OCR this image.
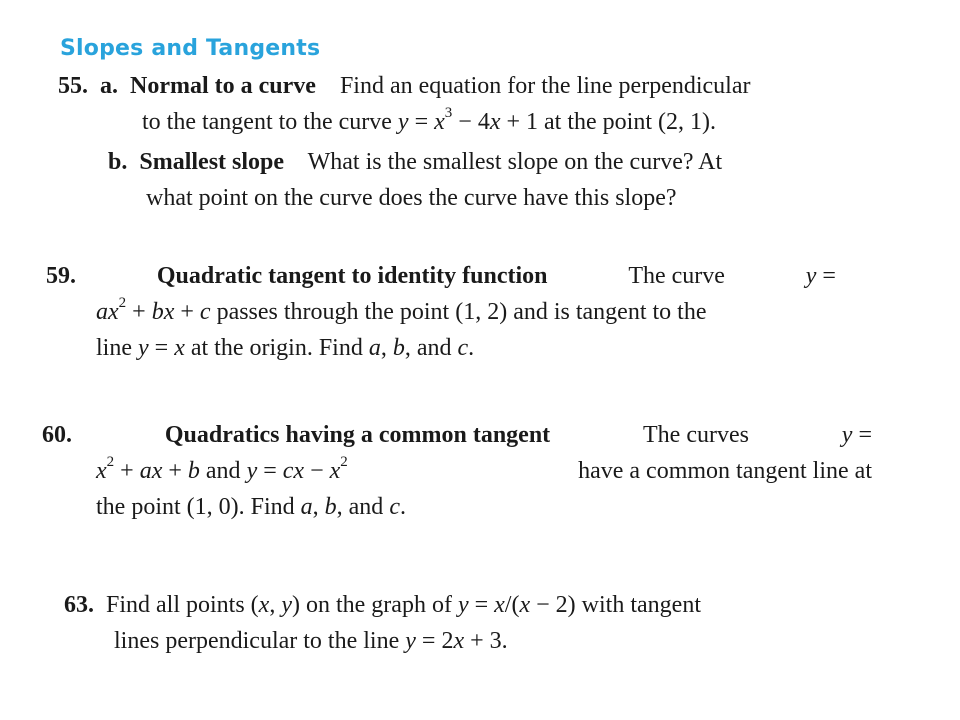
Slopes and Tangents
55. a. Normal to a curve Find an equation for the line perpendicular
to the tangent to the curve $y = x^3 - 4x + 1$ at the point (2, 1).
b. Smallest slope What is the smallest slope on the curve? At
what point on the curve does the curve have this slope?
59.	Quadratic tangent to identity function	The curve	y =
$ax^2$ + bx + c passes through the point (1, 2) and is tangent to the
line y = x at the origin. Find a, b, and c.
60.	Quadratics having a common tangent	The curves	y =
$x^2$ + ax + b and y = cx − $x^2$	have a common tangent line at
the point (1, 0). Find a, b, and c.
63. Find all points (x, y) on the graph of y = x/(x − 2) with tangent
lines perpendicular to the line y = 2x + 3.
